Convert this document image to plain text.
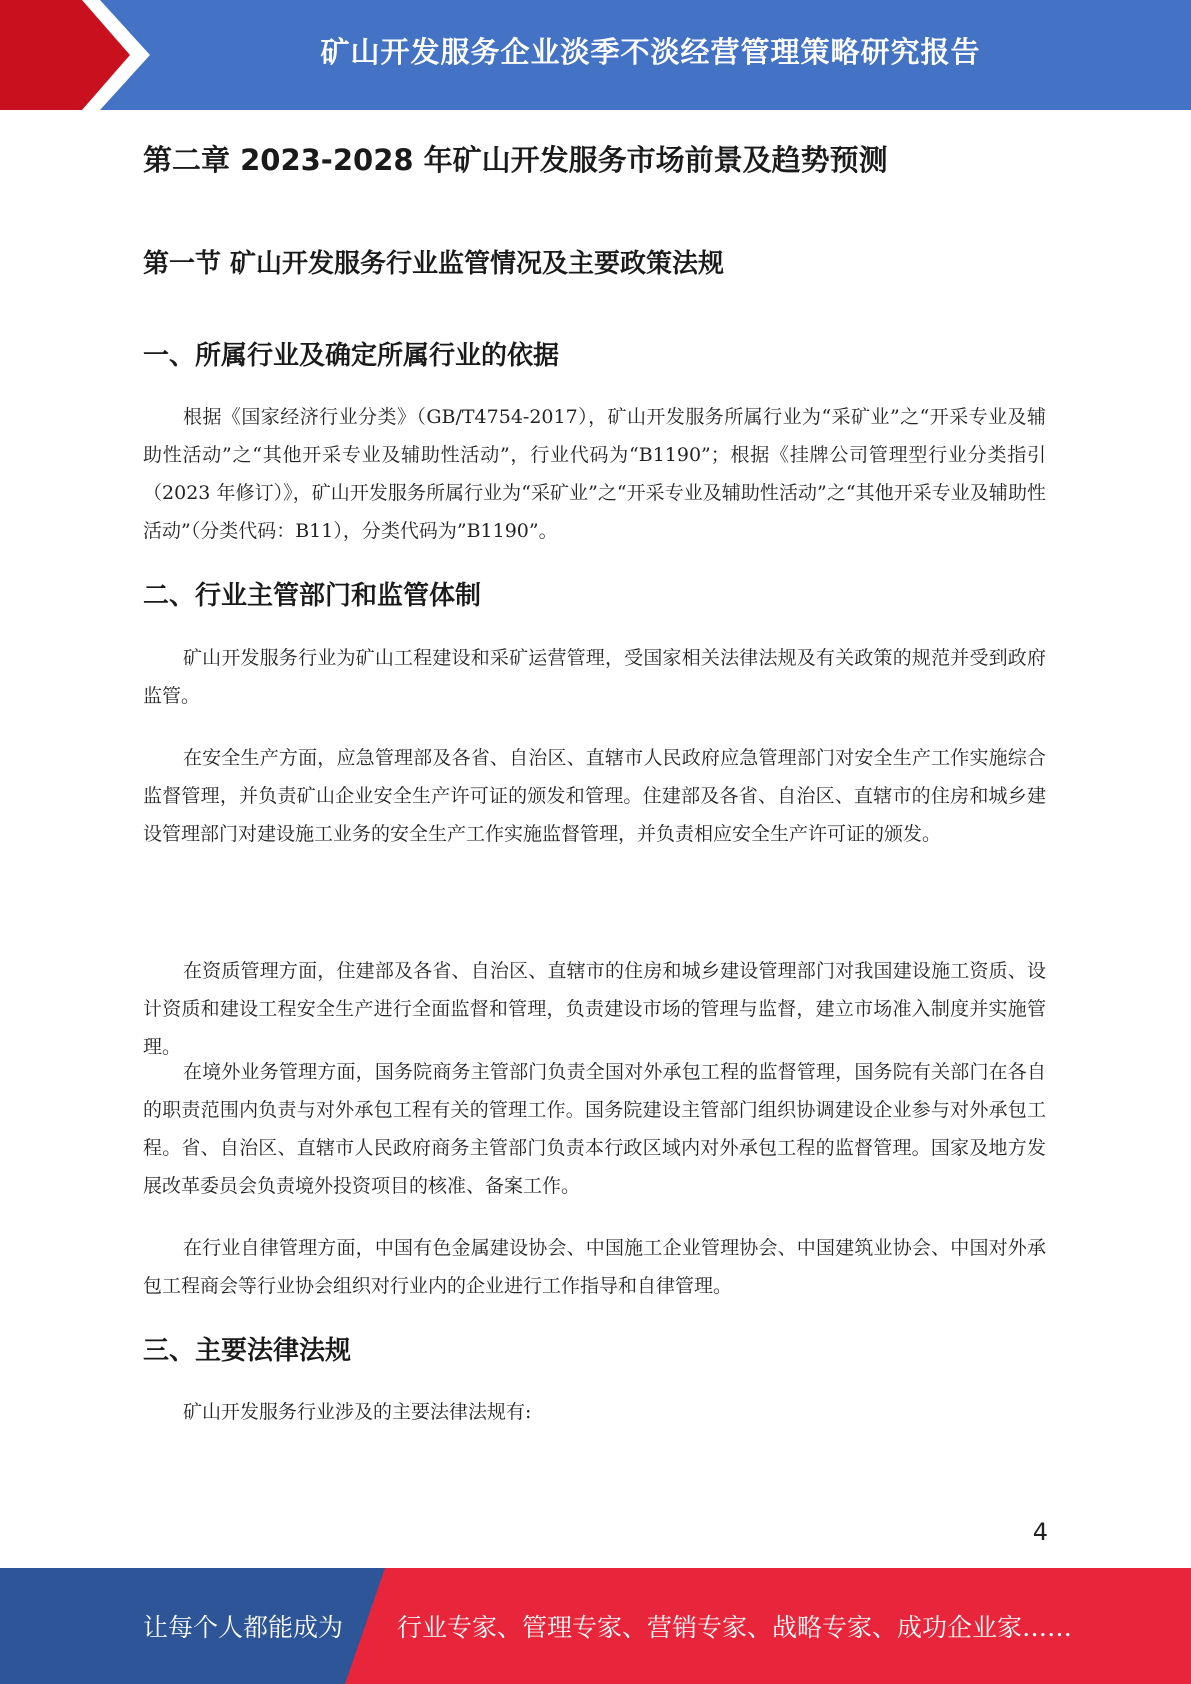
矿山开发服务企业淡季不淡经营管理策略研究报告
第二章 2023-2028 年矿山开发服务市场前景及趋势预测
第一节 矿山开发服务行业监管情况及主要政策法规
一、所属行业及确定所属行业的依据

根据《国家经济行业分类》（GB/T4754-2017），矿山开发服务所属行业为“采矿业”之“开采专业及辅助性活动”之“其他开采专业及辅助性活动”，行业代码为“B1190”；根据《挂牌公司管理型行业分类指引（2023 年修订）》，矿山开发服务所属行业为“采矿业”之“开采专业及辅助性活动”之“其他开采专业及辅助性活动”（分类代码：B11），分类代码为”B1190”。

二、行业主管部门和监管体制

矿山开发服务行业为矿山工程建设和采矿运营管理，受国家相关法律法规及有关政策的规范并受到政府监管。

在安全生产方面，应急管理部及各省、自治区、直辖市人民政府应急管理部门对安全生产工作实施综合监督管理，并负责矿山企业安全生产许可证的颁发和管理。住建部及各省、自治区、直辖市的住房和城乡建设管理部门对建设施工业务的安全生产工作实施监督管理，并负责相应安全生产许可证的颁发。

在资质管理方面，住建部及各省、自治区、直辖市的住房和城乡建设管理部门对我国建设施工资质、设计资质和建设工程安全生产进行全面监督和管理，负责建设市场的管理与监督，建立市场准入制度并实施管理。

在境外业务管理方面，国务院商务主管部门负责全国对外承包工程的监督管理，国务院有关部门在各自的职责范围内负责与对外承包工程有关的管理工作。国务院建设主管部门组织协调建设企业参与对外承包工程。省、自治区、直辖市人民政府商务主管部门负责本行政区域内对外承包工程的监督管理。国家及地方发展改革委员会负责境外投资项目的核准、备案工作。

在行业自律管理方面，中国有色金属建设协会、中国施工企业管理协会、中国建筑业协会、中国对外承包工程商会等行业协会组织对行业内的企业进行工作指导和自律管理。

三、主要法律法规

矿山开发服务行业涉及的主要法律法规有:

4
让每个人都能成为 行业专家、管理专家、营销专家、战略专家、成功企业家……
